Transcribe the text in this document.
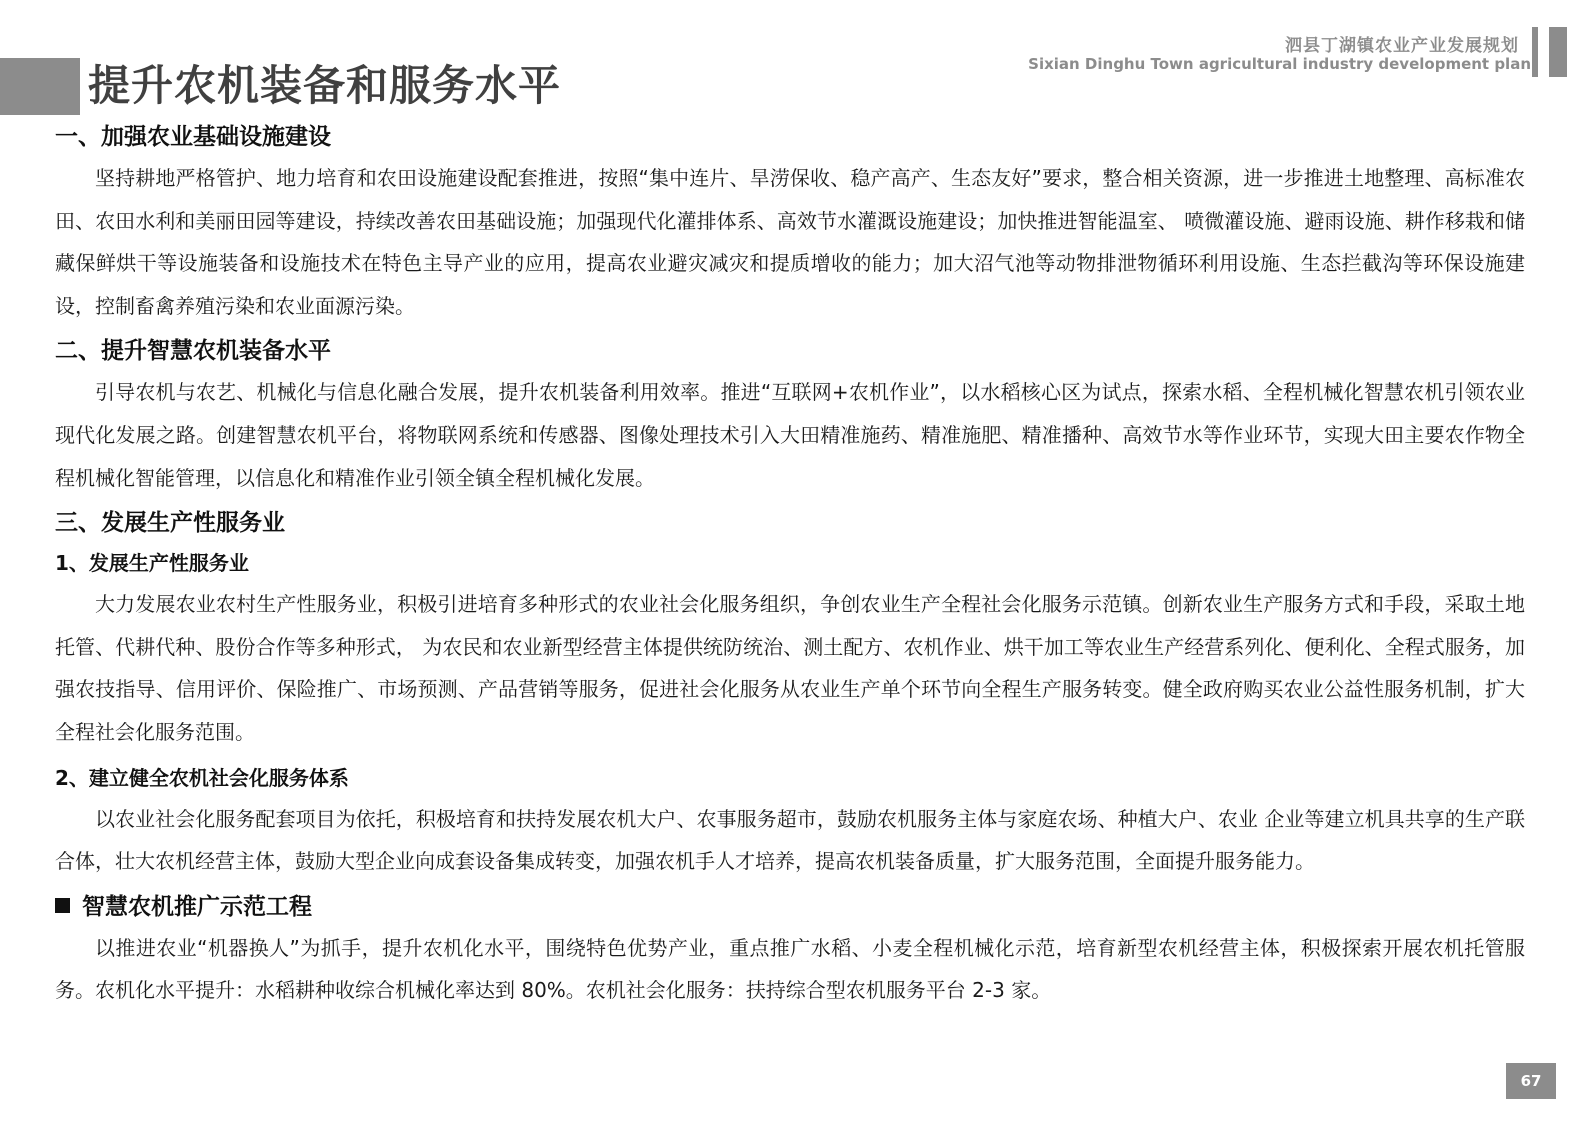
提升农机装备和服务水平
泗县丁湖镇农业产业发展规划
Sixian Dinghu Town agricultural industry development plan
一、加强农业基础设施建设

坚持耕地严格管护、地力培育和农田设施建设配套推进，按照“集中连片、旱涝保收、稳产高产、生态友好”要求，整合相关资源，进一步推进土地整理、高标准农田、农田水利和美丽田园等建设，持续改善农田基础设施；加强现代化灌排体系、高效节水灌溉设施建设；加快推进智能温室、 喷微灌设施、避雨设施、耕作移栽和储藏保鲜烘干等设施装备和设施技术在特色主导产业的应用，提高农业避灾减灾和提质增收的能力；加大沼气池等动物排泄物循环利用设施、生态拦截沟等环保设施建设，控制畜禽养殖污染和农业面源污染。

二、提升智慧农机装备水平

引导农机与农艺、机械化与信息化融合发展，提升农机装备利用效率。推进“互联网+农机作业”，以水稻核心区为试点，探索水稻、全程机械化智慧农机引领农业现代化发展之路。创建智慧农机平台，将物联网系统和传感器、图像处理技术引入大田精准施药、精准施肥、精准播种、高效节水等作业环节，实现大田主要农作物全程机械化智能管理，以信息化和精准作业引领全镇全程机械化发展。

三、发展生产性服务业
1、发展生产性服务业

大力发展农业农村生产性服务业，积极引进培育多种形式的农业社会化服务组织，争创农业生产全程社会化服务示范镇。创新农业生产服务方式和手段，采取土地托管、代耕代种、股份合作等多种形式， 为农民和农业新型经营主体提供统防统治、测土配方、农机作业、烘干加工等农业生产经营系列化、便利化、全程式服务，加强农技指导、信用评价、保险推广、市场预测、产品营销等服务，促进社会化服务从农业生产单个环节向全程生产服务转变。健全政府购买农业公益性服务机制，扩大全程社会化服务范围。

2、建立健全农机社会化服务体系

以农业社会化服务配套项目为依托，积极培育和扶持发展农机大户、农事服务超市，鼓励农机服务主体与家庭农场、种植大户、农业 企业等建立机具共享的生产联合体，壮大农机经营主体，鼓励大型企业向成套设备集成转变，加强农机手人才培养，提高农机装备质量，扩大服务范围，全面提升服务能力。

智慧农机推广示范工程

以推进农业“机器换人”为抓手，提升农机化水平，围绕特色优势产业，重点推广水稻、小麦全程机械化示范，培育新型农机经营主体，积极探索开展农机托管服务。农机化水平提升：水稻耕种收综合机械化率达到 80%。农机社会化服务：扶持综合型农机服务平台 2-3 家。

67
